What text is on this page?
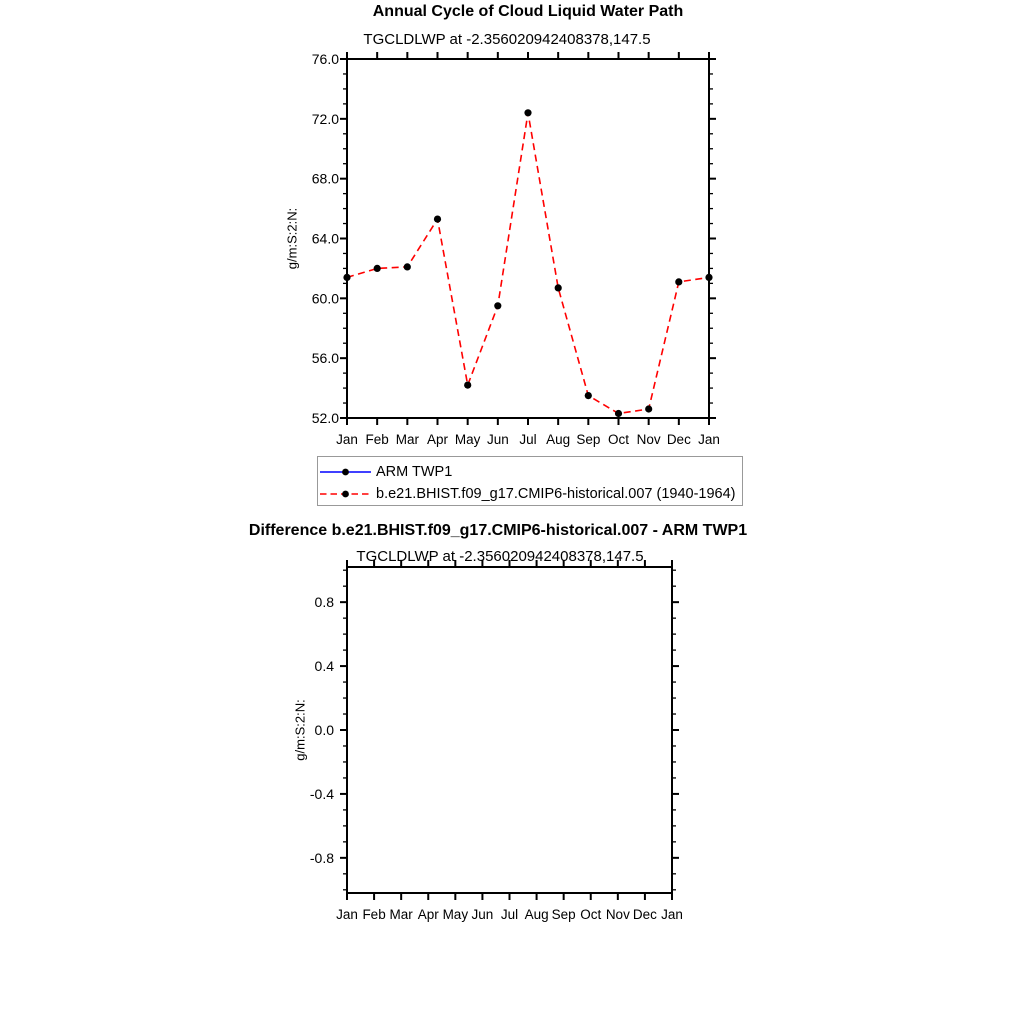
Annual Cycle of Cloud Liquid Water Path
TGCLDLWP at -2.356020942408378,147.5
52.0
56.0
60.0
64.0
68.0
72.0
76.0
Jan Feb Mar Apr May Jun Jul Aug Sep Oct Nov Dec Jan
g/m:S:2:N:
ARM TWP1
b.e21.BHIST.f09_g17.CMIP6-historical.007 (1940-1964)
Difference b.e21.BHIST.f09_g17.CMIP6-historical.007 - ARM TWP1
TGCLDLWP at -2.356020942408378,147.5
-0.8
-0.4
0.0
0.4
0.8
Jan Feb Mar Apr May Jun Jul Aug Sep Oct Nov Dec Jan
g/m:S:2:N:
